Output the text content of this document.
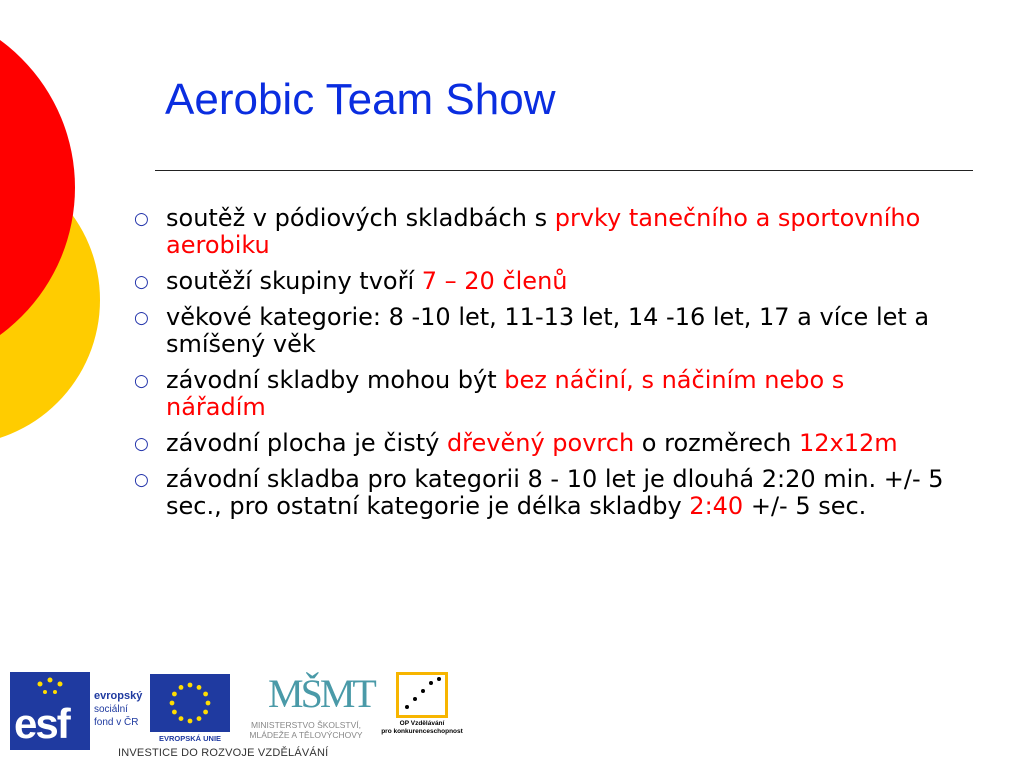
Aerobic Team Show
○ soutěž v pódiových skladbách s prvky tanečního a sportovního aerobiku
○ soutěží skupiny tvoří 7 – 20 členů
○ věkové kategorie: 8 -10 let, 11-13 let, 14 -16 let, 17 a více let a smíšený věk
○ závodní skladby mohou být bez náčiní, s náčiním nebo s nářadím
○ závodní plocha je čistý dřevěný povrch o rozměrech 12x12m
○ závodní skladba pro kategorii 8 - 10 let je dlouhá 2:20 min. +/- 5 sec., pro ostatní kategorie je délka skladby 2:40 +/- 5 sec.
esf
evropský
sociální
fond v ČR
EVROPSKÁ UNIE
MŠMT
MINISTERSTVO ŠKOLSTVÍ,
MLÁDEŽE A TĚLOVÝCHOVY
OP Vzdělávání
pro konkurenceschopnost
INVESTICE DO ROZVOJE VZDĚLÁVÁNÍ
